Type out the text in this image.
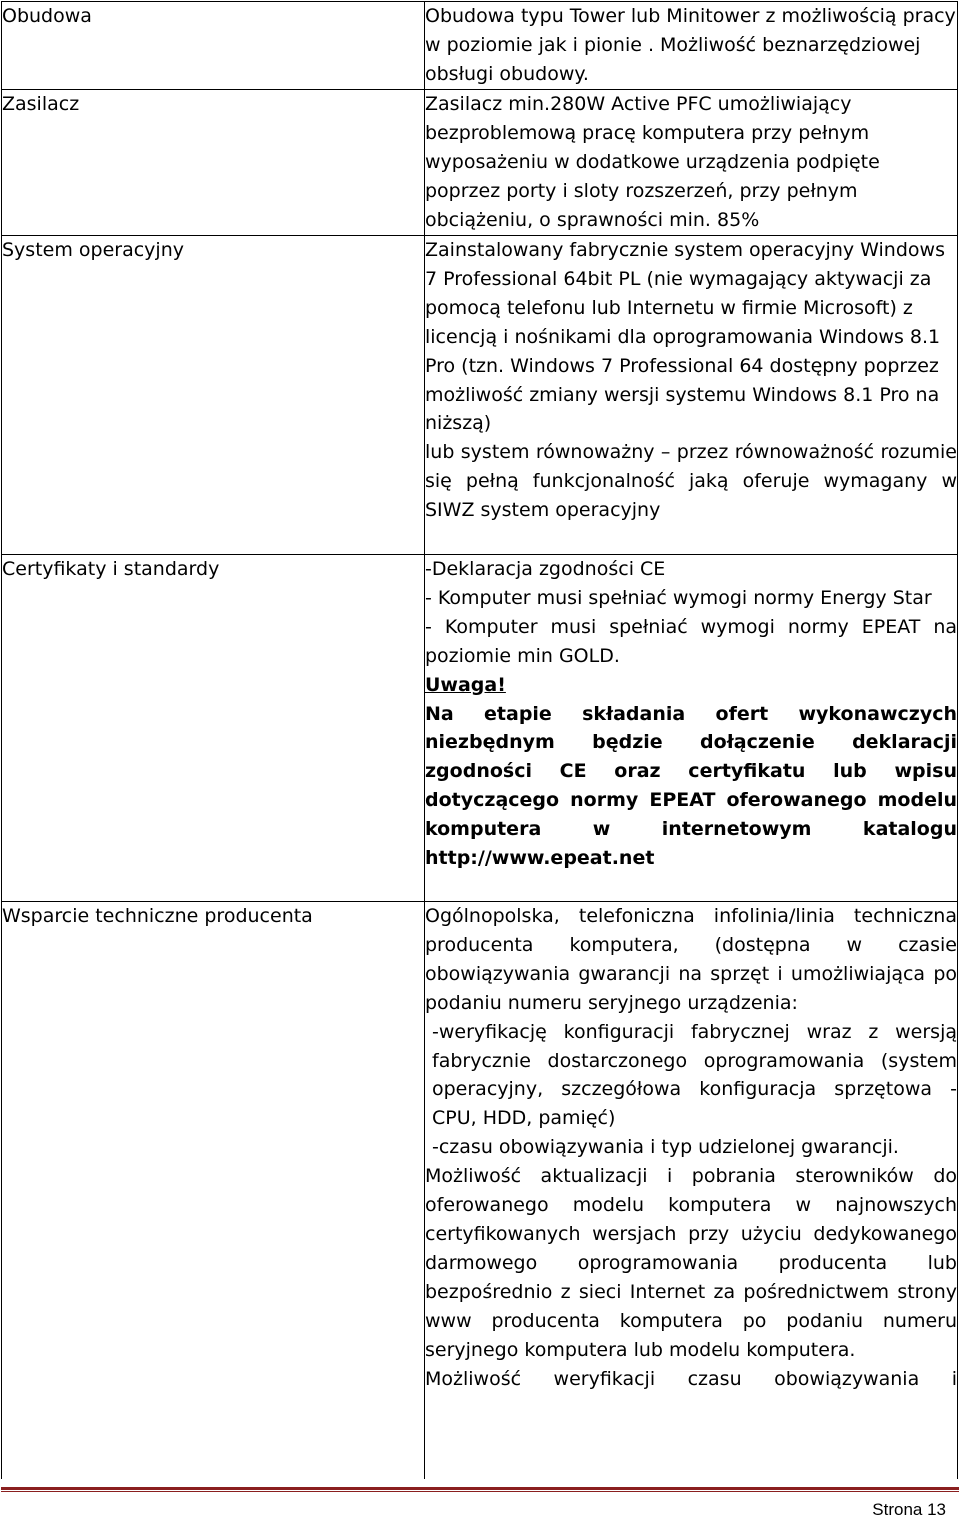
Obudowa	Obudowa typu Tower lub Minitower z możliwością pracy w poziomie jak i pionie . Możliwość beznarzędziowej obsługi obudowy.

Zasilacz	Zasilacz min.280W Active PFC umożliwiający bezproblemową pracę komputera przy pełnym wyposażeniu w dodatkowe urządzenia podpięte poprzez porty i sloty rozszerzeń, przy pełnym obciążeniu, o sprawności min. 85%

System operacyjny	Zainstalowany fabrycznie system operacyjny Windows 7 Professional 64bit PL (nie wymagający aktywacji za pomocą telefonu lub Internetu w firmie Microsoft) z licencją i nośnikami dla oprogramowania Windows 8.1 Pro (tzn. Windows 7 Professional 64 dostępny poprzez możliwość zmiany wersji systemu Windows 8.1 Pro na niższą)

lub system równoważny – przez równoważność rozumie się pełną funkcjonalność jaką oferuje wymagany w SIWZ system operacyjny

Certyfikaty i standardy	-Deklaracja zgodności CE

- Komputer musi spełniać wymogi normy Energy Star

- Komputer musi spełniać wymogi normy EPEAT na poziomie min GOLD.

Uwaga!

Na etapie składania ofert wykonawczych niezbędnym będzie dołączenie deklaracji zgodności CE oraz certyfikatu lub wpisu dotyczącego normy EPEAT oferowanego modelu komputera w internetowym katalogu http://www.epeat.net

Wsparcie techniczne producenta	Ogólnopolska, telefoniczna infolinia/linia techniczna producenta komputera, (dostępna w czasie obowiązywania gwarancji na sprzęt i umożliwiająca po podaniu numeru seryjnego urządzenia:

-weryfikację konfiguracji fabrycznej wraz z wersją fabrycznie dostarczonego oprogramowania (system operacyjny, szczegółowa konfiguracja sprzętowa - CPU, HDD, pamięć)

-czasu obowiązywania i typ udzielonej gwarancji.

Możliwość aktualizacji i pobrania sterowników do oferowanego modelu komputera w najnowszych certyfikowanych wersjach przy użyciu dedykowanego darmowego oprogramowania producenta lub bezpośrednio z sieci Internet za pośrednictwem strony www producenta komputera po podaniu numeru seryjnego komputera lub modelu komputera.

Możliwość weryfikacji czasu obowiązywania i

Strona 13
